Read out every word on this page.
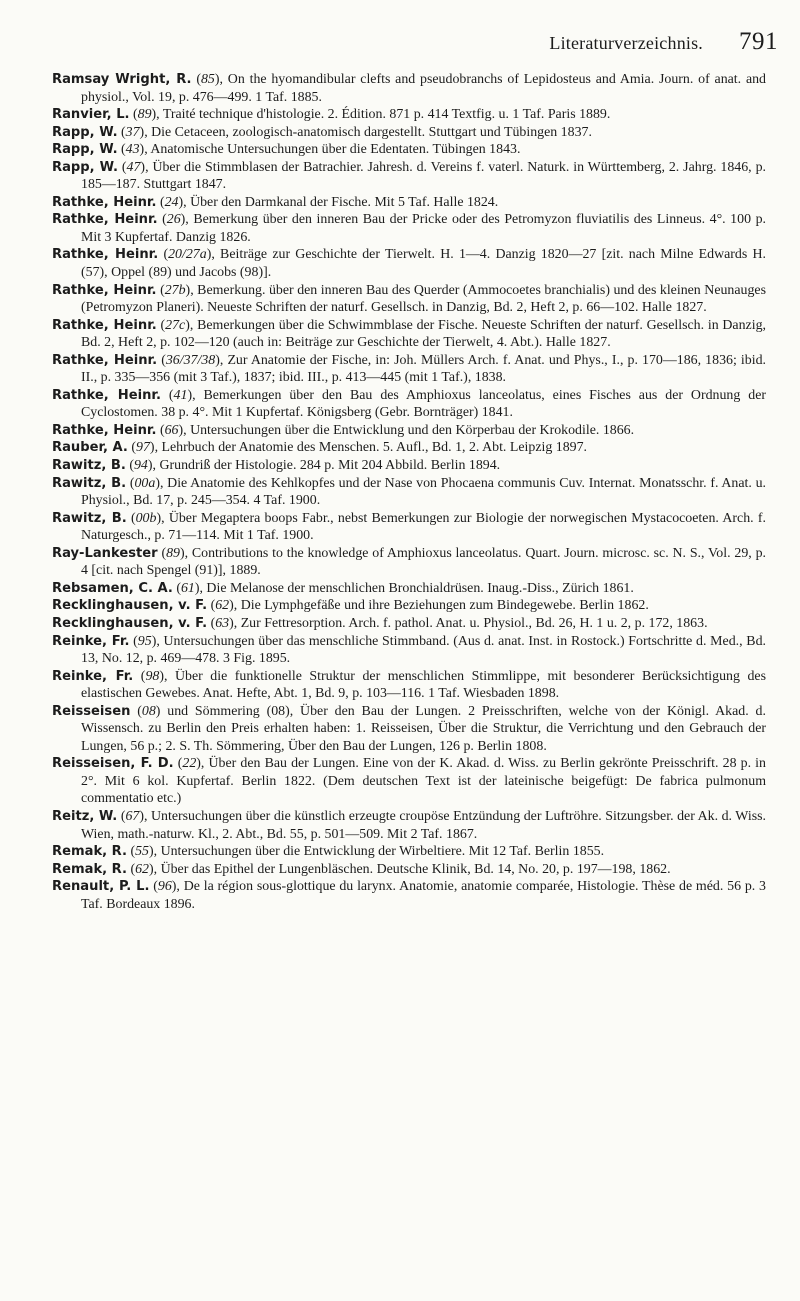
Literaturverzeichnis. 791

Ramsay Wright, R. (85), On the hyomandibular clefts and pseudobranchs of Lepidosteus and Amia. Journ. of anat. and physiol., Vol. 19, p. 476—499. 1 Taf. 1885.

Ranvier, L. (89), Traité technique d'histologie. 2. Édition. 871 p. 414 Textfig. u. 1 Taf. Paris 1889.

Rapp, W. (37), Die Cetaceen, zoologisch-anatomisch dargestellt. Stuttgart und Tübingen 1837.

Rapp, W. (43), Anatomische Untersuchungen über die Edentaten. Tübingen 1843.

Rapp, W. (47), Über die Stimmblasen der Batrachier. Jahresh. d. Vereins f. vaterl. Naturk. in Württemberg, 2. Jahrg. 1846, p. 185—187. Stuttgart 1847.

Rathke, Heinr. (24), Über den Darmkanal der Fische. Mit 5 Taf. Halle 1824.

Rathke, Heinr. (26), Bemerkung über den inneren Bau der Pricke oder des Petromyzon fluviatilis des Linneus. 4°. 100 p. Mit 3 Kupfertaf. Danzig 1826.

Rathke, Heinr. (20/27a), Beiträge zur Geschichte der Tierwelt. H. 1—4. Danzig 1820—27 [zit. nach Milne Edwards H. (57), Oppel (89) und Jacobs (98)].

Rathke, Heinr. (27b), Bemerkung. über den inneren Bau des Querder (Ammocoetes branchialis) und des kleinen Neunauges (Petromyzon Planeri). Neueste Schriften der naturf. Gesellsch. in Danzig, Bd. 2, Heft 2, p. 66—102. Halle 1827.

Rathke, Heinr. (27c), Bemerkungen über die Schwimmblase der Fische. Neueste Schriften der naturf. Gesellsch. in Danzig, Bd. 2, Heft 2, p. 102—120 (auch in: Beiträge zur Geschichte der Tierwelt, 4. Abt.). Halle 1827.

Rathke, Heinr. (36/37/38), Zur Anatomie der Fische, in: Joh. Müllers Arch. f. Anat. und Phys., I., p. 170—186, 1836; ibid. II., p. 335—356 (mit 3 Taf.), 1837; ibid. III., p. 413—445 (mit 1 Taf.), 1838.

Rathke, Heinr. (41), Bemerkungen über den Bau des Amphioxus lanceolatus, eines Fisches aus der Ordnung der Cyclostomen. 38 p. 4°. Mit 1 Kupfertaf. Königsberg (Gebr. Bornträger) 1841.

Rathke, Heinr. (66), Untersuchungen über die Entwicklung und den Körperbau der Krokodile. 1866.

Rauber, A. (97), Lehrbuch der Anatomie des Menschen. 5. Aufl., Bd. 1, 2. Abt. Leipzig 1897.

Rawitz, B. (94), Grundriß der Histologie. 284 p. Mit 204 Abbild. Berlin 1894.

Rawitz, B. (00a), Die Anatomie des Kehlkopfes und der Nase von Phocaena communis Cuv. Internat. Monatsschr. f. Anat. u. Physiol., Bd. 17, p. 245—354. 4 Taf. 1900.

Rawitz, B. (00b), Über Megaptera boops Fabr., nebst Bemerkungen zur Biologie der norwegischen Mystacocoeten. Arch. f. Naturgesch., p. 71—114. Mit 1 Taf. 1900.

Ray-Lankester (89), Contributions to the knowledge of Amphioxus lanceolatus. Quart. Journ. microsc. sc. N. S., Vol. 29, p. 4 [cit. nach Spengel (91)], 1889.

Rebsamen, C. A. (61), Die Melanose der menschlichen Bronchialdrüsen. Inaug.-Diss., Zürich 1861.

Recklinghausen, v. F. (62), Die Lymphgefäße und ihre Beziehungen zum Bindegewebe. Berlin 1862.

Recklinghausen, v. F. (63), Zur Fettresorption. Arch. f. pathol. Anat. u. Physiol., Bd. 26, H. 1 u. 2, p. 172, 1863.

Reinke, Fr. (95), Untersuchungen über das menschliche Stimmband. (Aus d. anat. Inst. in Rostock.) Fortschritte d. Med., Bd. 13, No. 12, p. 469—478. 3 Fig. 1895.

Reinke, Fr. (98), Über die funktionelle Struktur der menschlichen Stimmlippe, mit besonderer Berücksichtigung des elastischen Gewebes. Anat. Hefte, Abt. 1, Bd. 9, p. 103—116. 1 Taf. Wiesbaden 1898.

Reisseisen (08) und Sömmering (08), Über den Bau der Lungen. 2 Preisschriften, welche von der Königl. Akad. d. Wissensch. zu Berlin den Preis erhalten haben: 1. Reisseisen, Über die Struktur, die Verrichtung und den Gebrauch der Lungen, 56 p.; 2. S. Th. Sömmering, Über den Bau der Lungen, 126 p. Berlin 1808.

Reisseisen, F. D. (22), Über den Bau der Lungen. Eine von der K. Akad. d. Wiss. zu Berlin gekrönte Preisschrift. 28 p. in 2°. Mit 6 kol. Kupfertaf. Berlin 1822. (Dem deutschen Text ist der lateinische beigefügt: De fabrica pulmonum commentatio etc.)

Reitz, W. (67), Untersuchungen über die künstlich erzeugte croupöse Entzündung der Luftröhre. Sitzungsber. der Ak. d. Wiss. Wien, math.-naturw. Kl., 2. Abt., Bd. 55, p. 501—509. Mit 2 Taf. 1867.

Remak, R. (55), Untersuchungen über die Entwicklung der Wirbeltiere. Mit 12 Taf. Berlin 1855.

Remak, R. (62), Über das Epithel der Lungenbläschen. Deutsche Klinik, Bd. 14, No. 20, p. 197—198, 1862.

Renault, P. L. (96), De la région sous-glottique du larynx. Anatomie, anatomie comparée, Histologie. Thèse de méd. 56 p. 3 Taf. Bordeaux 1896.
